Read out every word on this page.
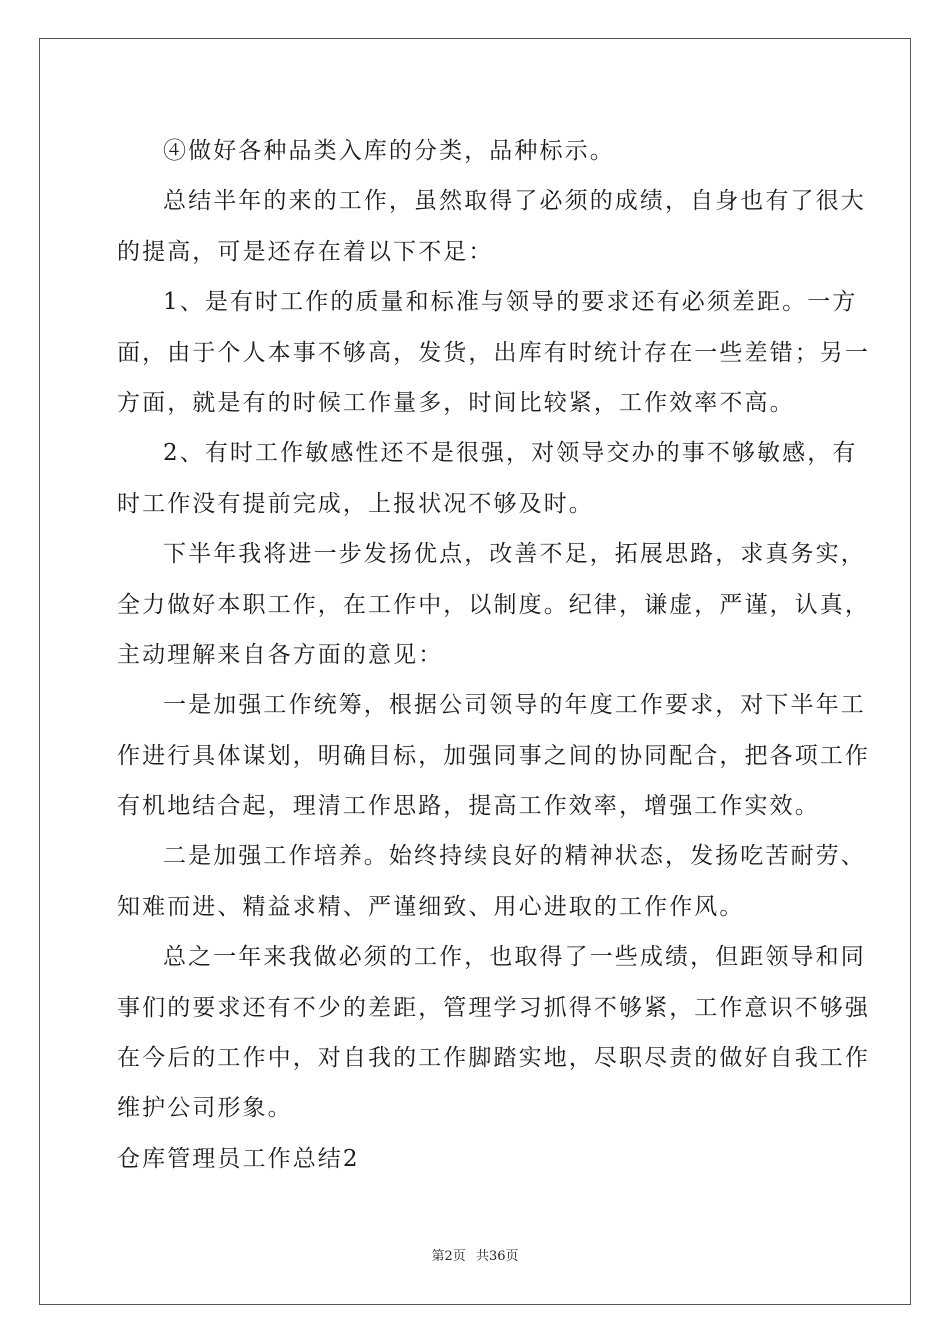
④做好各种品类入库的分类，品种标示。
总结半年的来的工作，虽然取得了必须的成绩，自身也有了很大
的提高，可是还存在着以下不足：
1、是有时工作的质量和标准与领导的要求还有必须差距。一方
面，由于个人本事不够高，发货，出库有时统计存在一些差错；另一
方面，就是有的时候工作量多，时间比较紧，工作效率不高。
2、有时工作敏感性还不是很强，对领导交办的事不够敏感，有
时工作没有提前完成，上报状况不够及时。
下半年我将进一步发扬优点，改善不足，拓展思路，求真务实，
全力做好本职工作，在工作中，以制度。纪律，谦虚，严谨，认真，
主动理解来自各方面的意见：
一是加强工作统筹，根据公司领导的年度工作要求，对下半年工
作进行具体谋划，明确目标，加强同事之间的协同配合，把各项工作
有机地结合起，理清工作思路，提高工作效率，增强工作实效。
二是加强工作培养。始终持续良好的精神状态，发扬吃苦耐劳、
知难而进、精益求精、严谨细致、用心进取的工作作风。
总之一年来我做必须的工作，也取得了一些成绩，但距领导和同
事们的要求还有不少的差距，管理学习抓得不够紧，工作意识不够强
在今后的工作中，对自我的工作脚踏实地，尽职尽责的做好自我工作
维护公司形象。
仓库管理员工作总结2
第2页 共36页
